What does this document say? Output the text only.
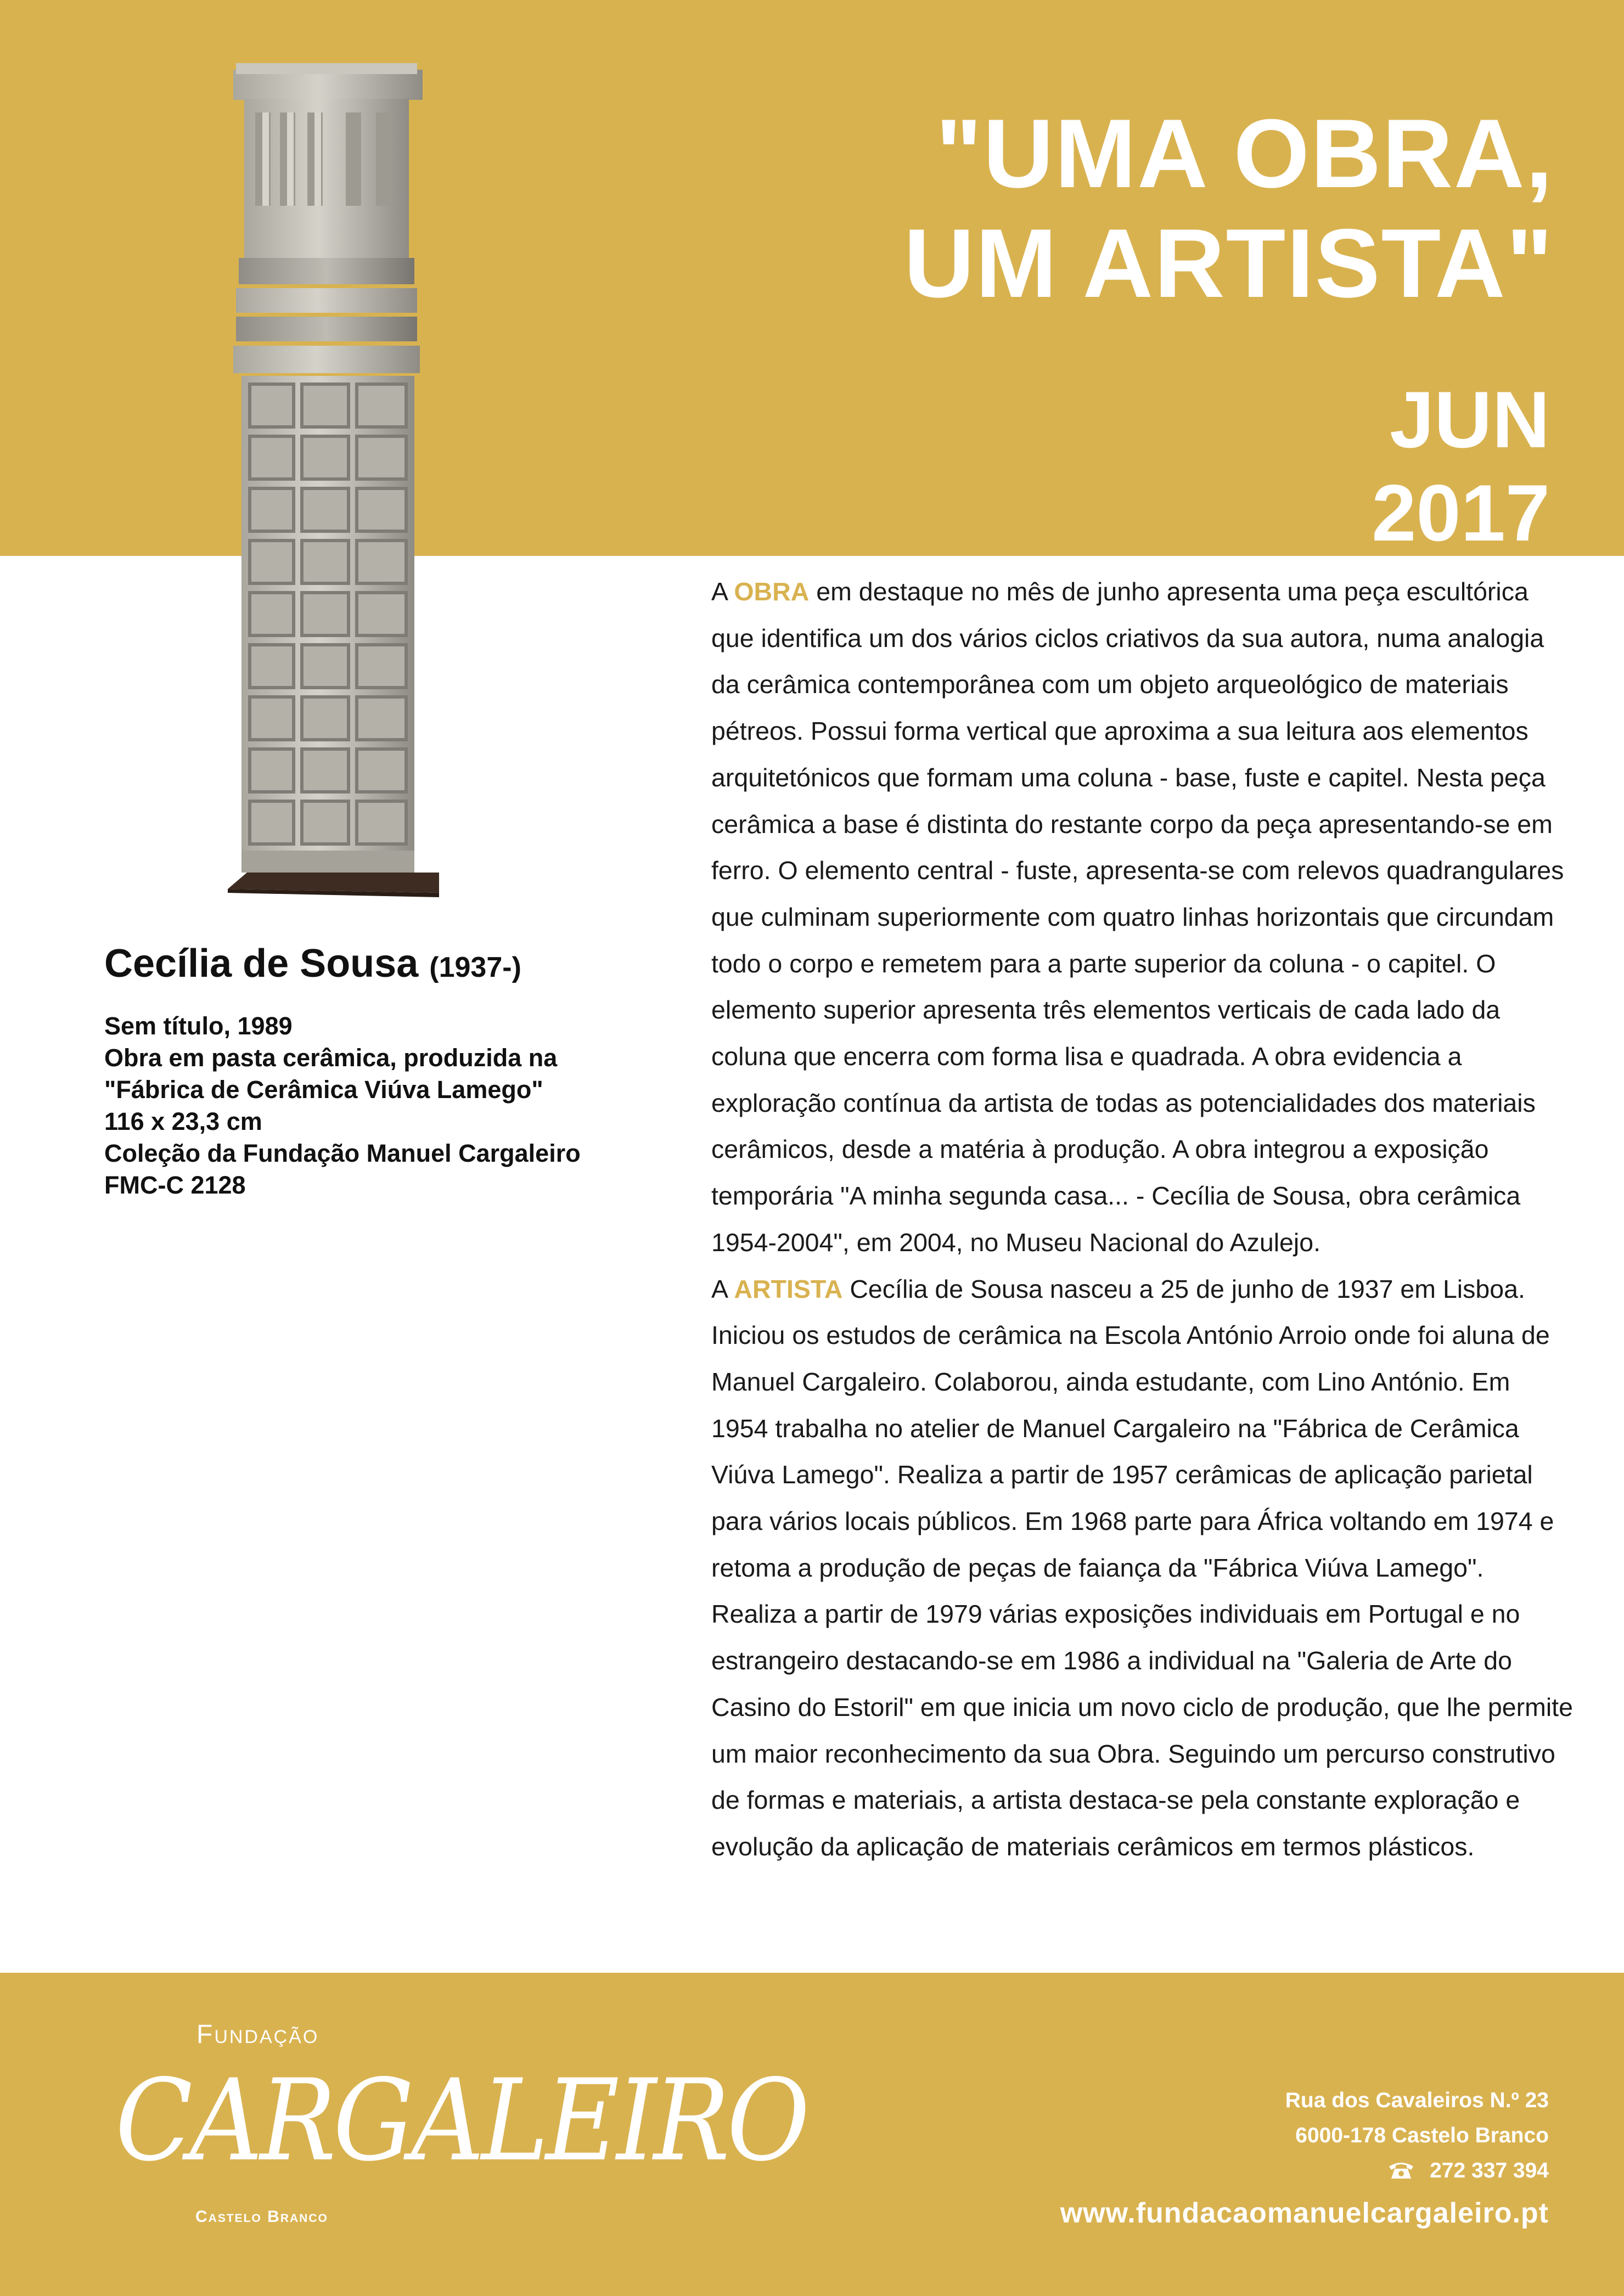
"UMA OBRA,
UM ARTISTA"
JUN
2017
Cecília de Sousa (1937-)
Sem título, 1989
Obra em pasta cerâmica, produzida na
"Fábrica de Cerâmica Viúva Lamego"
116 x 23,3 cm
Coleção da Fundação Manuel Cargaleiro
FMC-C 2128

A OBRA em destaque no mês de junho apresenta uma peça escultórica que identifica um dos vários ciclos criativos da sua autora, numa analogia da cerâmica contemporânea com um objeto arqueológico de materiais pétreos. Possui forma vertical que aproxima a sua leitura aos elementos arquitetónicos que formam uma coluna - base, fuste e capitel. Nesta peça cerâmica a base é distinta do restante corpo da peça apresentando-se em ferro. O elemento central - fuste, apresenta-se com relevos quadrangulares que culminam superiormente com quatro linhas horizontais que circundam todo o corpo e remetem para a parte superior da coluna - o capitel. O elemento superior apresenta três elementos verticais de cada lado da coluna que encerra com forma lisa e quadrada. A obra evidencia a exploração contínua da artista de todas as potencialidades dos materiais cerâmicos, desde a matéria à produção. A obra integrou a exposição temporária "A minha segunda casa... - Cecília de Sousa, obra cerâmica 1954-2004", em 2004, no Museu Nacional do Azulejo.

A ARTISTA Cecília de Sousa nasceu a 25 de junho de 1937 em Lisboa. Iniciou os estudos de cerâmica na Escola António Arroio onde foi aluna de Manuel Cargaleiro. Colaborou, ainda estudante, com Lino António. Em 1954 trabalha no atelier de Manuel Cargaleiro na "Fábrica de Cerâmica Viúva Lamego". Realiza a partir de 1957 cerâmicas de aplicação parietal para vários locais públicos. Em 1968 parte para África voltando em 1974 e retoma a produção de peças de faiança da "Fábrica Viúva Lamego". Realiza a partir de 1979 várias exposições individuais em Portugal e no estrangeiro destacando-se em 1986 a individual na "Galeria de Arte do Casino do Estoril" em que inicia um novo ciclo de produção, que lhe permite um maior reconhecimento da sua Obra. Seguindo um percurso construtivo de formas e materiais, a artista destaca-se pela constante exploração e evolução da aplicação de materiais cerâmicos em termos plásticos.

Fundação
CARGALEIRO
Castelo Branco
Rua dos Cavaleiros N.º 23
6000-178 Castelo Branco
272 337 394
www.fundacaomanuelcargaleiro.pt
